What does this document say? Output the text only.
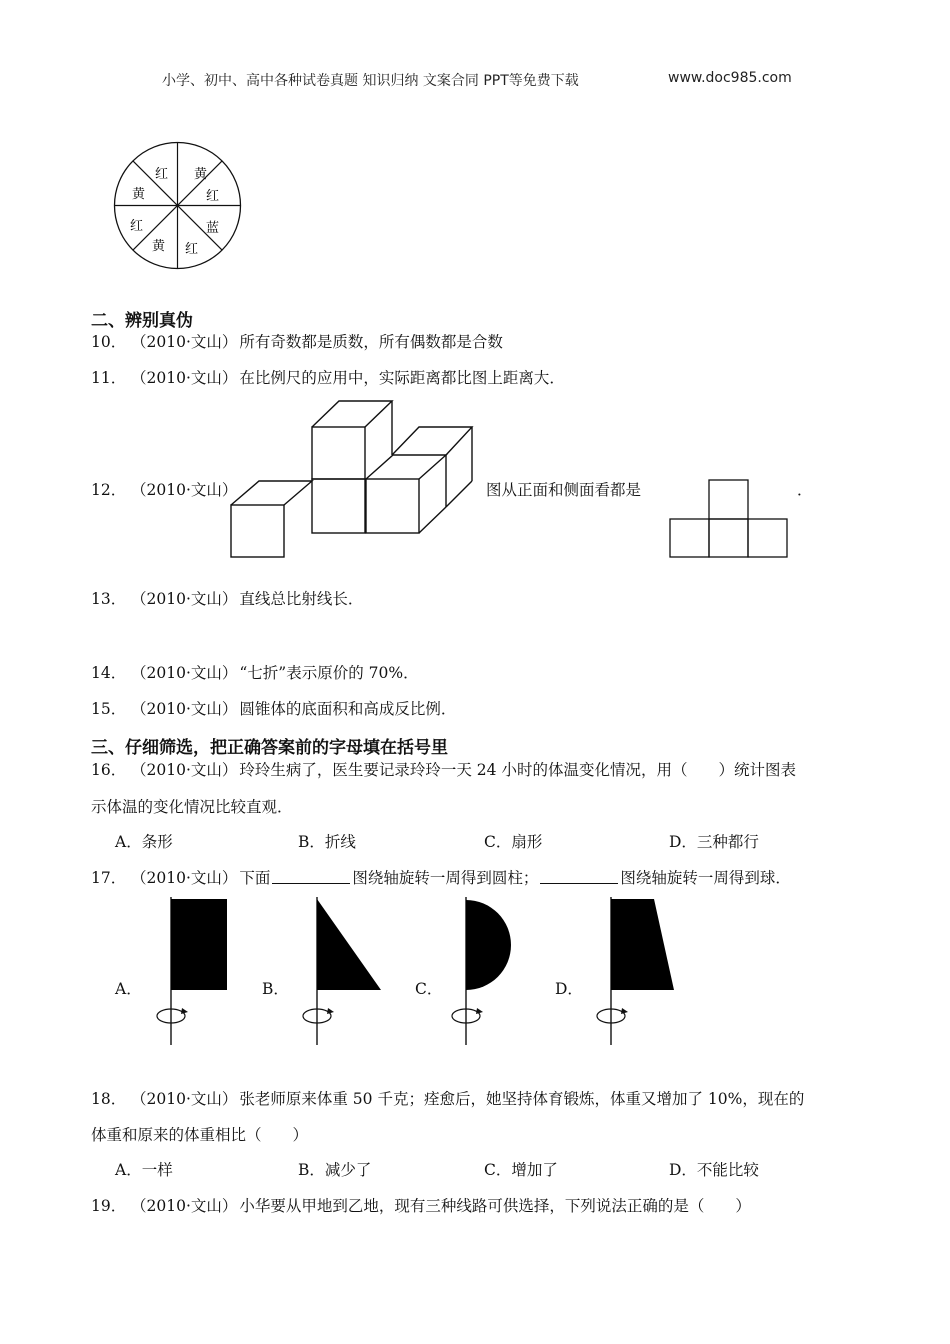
小学、初中、高中各种试卷真题 知识归纳 文案合同 PPT等免费下载	www.doc985.com
黄
红
蓝
红
黄
红
黄
红
二、辨别真伪
10． （2010·文山） 所有奇数都是质数，所有偶数都是合数
11． （2010·文山） 在比例尺的应用中，实际距离都比图上距离大．
12． （2010·文山）	图从正面和侧面看都是	．
13． （2010·文山） 直线总比射线长．
14． （2010·文山） “七折”表示原价的 70%．
15． （2010·文山） 圆锥体的底面积和高成反比例．
三、仔细筛选，把正确答案前的字母填在括号里
16． （2010·文山） 玲玲生病了，医生要记录玲玲一天 24 小时的体温变化情况，用（　　）统计图表
示体温的变化情况比较直观．
A．条形	B．折线	C．扇形	D．三种都行
17． （2010·文山） 下面	图绕轴旋转一周得到圆柱；	图绕轴旋转一周得到球．
A．	B．	C．	D．
18． （2010·文山） 张老师原来体重 50 千克；痊愈后，她坚持体育锻炼，体重又增加了 10%，现在的
体重和原来的体重相比（　　）
A．一样	B．减少了	C．增加了	D．不能比较
19． （2010·文山） 小华要从甲地到乙地，现有三种线路可供选择，下列说法正确的是（　　）
